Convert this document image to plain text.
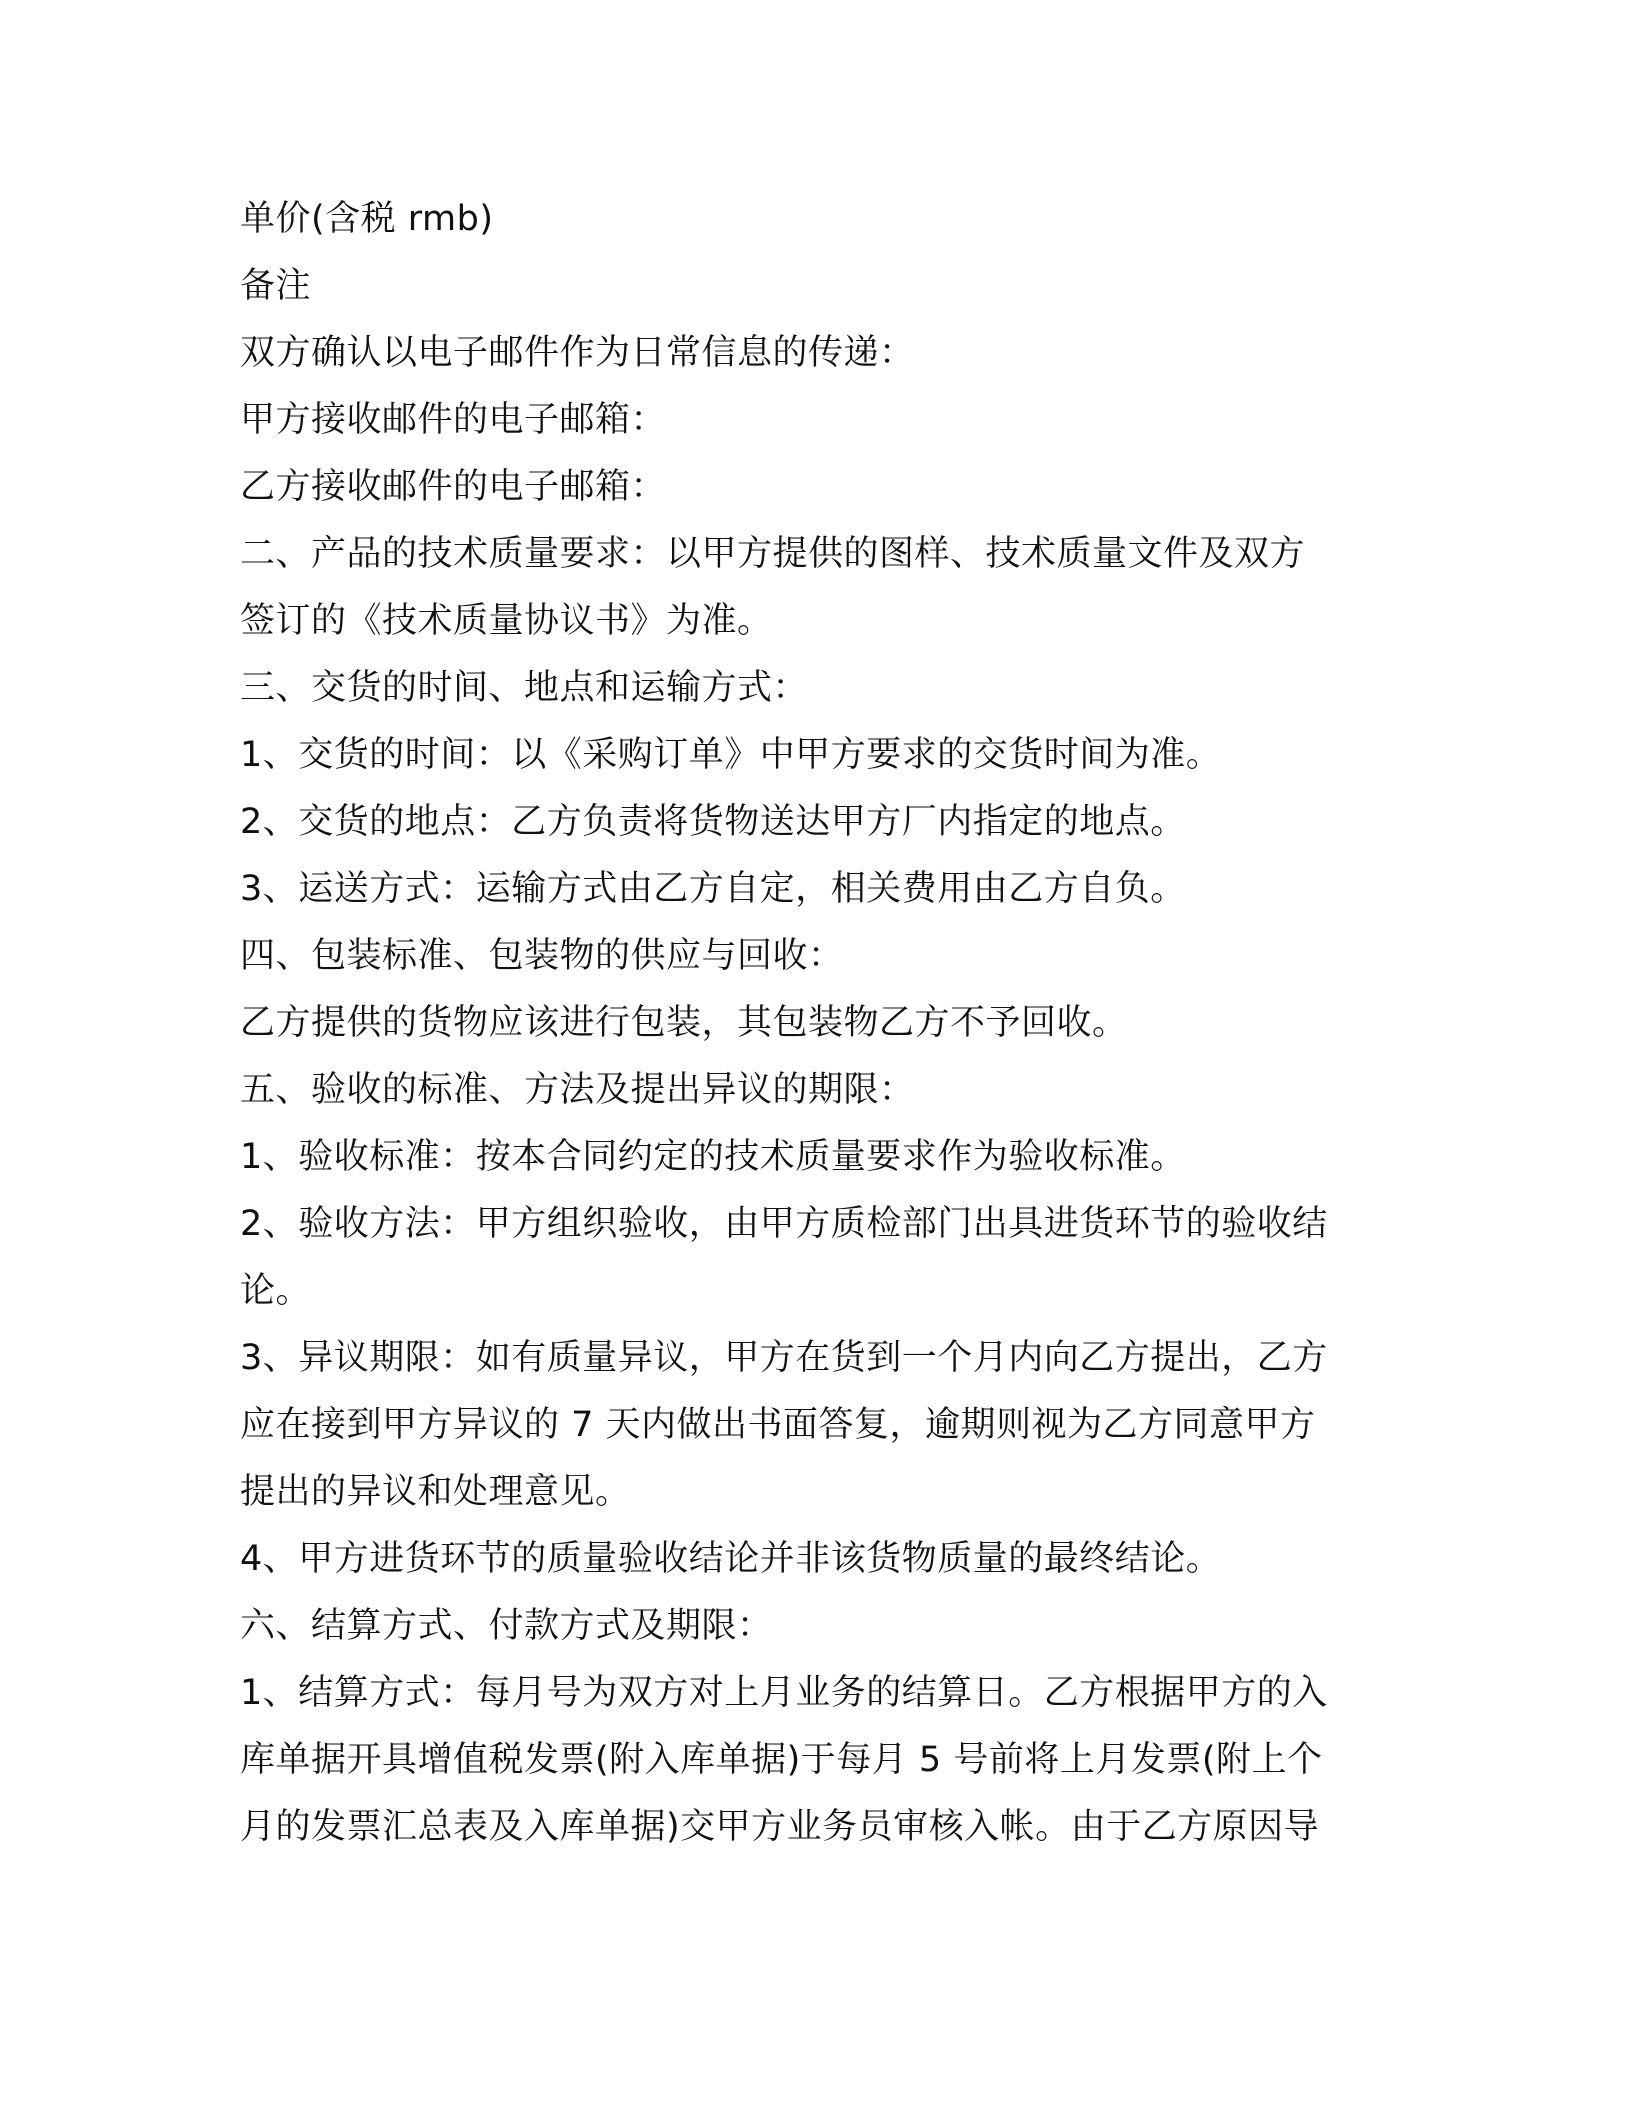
单价(含税 rmb)

备注

双方确认以电子邮件作为日常信息的传递：

甲方接收邮件的电子邮箱：

乙方接收邮件的电子邮箱：

二、产品的技术质量要求：以甲方提供的图样、技术质量文件及双方

签订的《技术质量协议书》为准。

三、交货的时间、地点和运输方式：

1、交货的时间：以《采购订单》中甲方要求的交货时间为准。

2、交货的地点：乙方负责将货物送达甲方厂内指定的地点。

3、运送方式：运输方式由乙方自定，相关费用由乙方自负。

四、包装标准、包装物的供应与回收：

乙方提供的货物应该进行包装，其包装物乙方不予回收。

五、验收的标准、方法及提出异议的期限：

1、验收标准：按本合同约定的技术质量要求作为验收标准。

2、验收方法：甲方组织验收，由甲方质检部门出具进货环节的验收结

论。

3、异议期限：如有质量异议，甲方在货到一个月内向乙方提出，乙方

应在接到甲方异议的 7 天内做出书面答复，逾期则视为乙方同意甲方

提出的异议和处理意见。

4、甲方进货环节的质量验收结论并非该货物质量的最终结论。

六、结算方式、付款方式及期限：

1、结算方式：每月号为双方对上月业务的结算日。乙方根据甲方的入

库单据开具增值税发票(附入库单据)于每月 5 号前将上月发票(附上个

月的发票汇总表及入库单据)交甲方业务员审核入帐。由于乙方原因导
